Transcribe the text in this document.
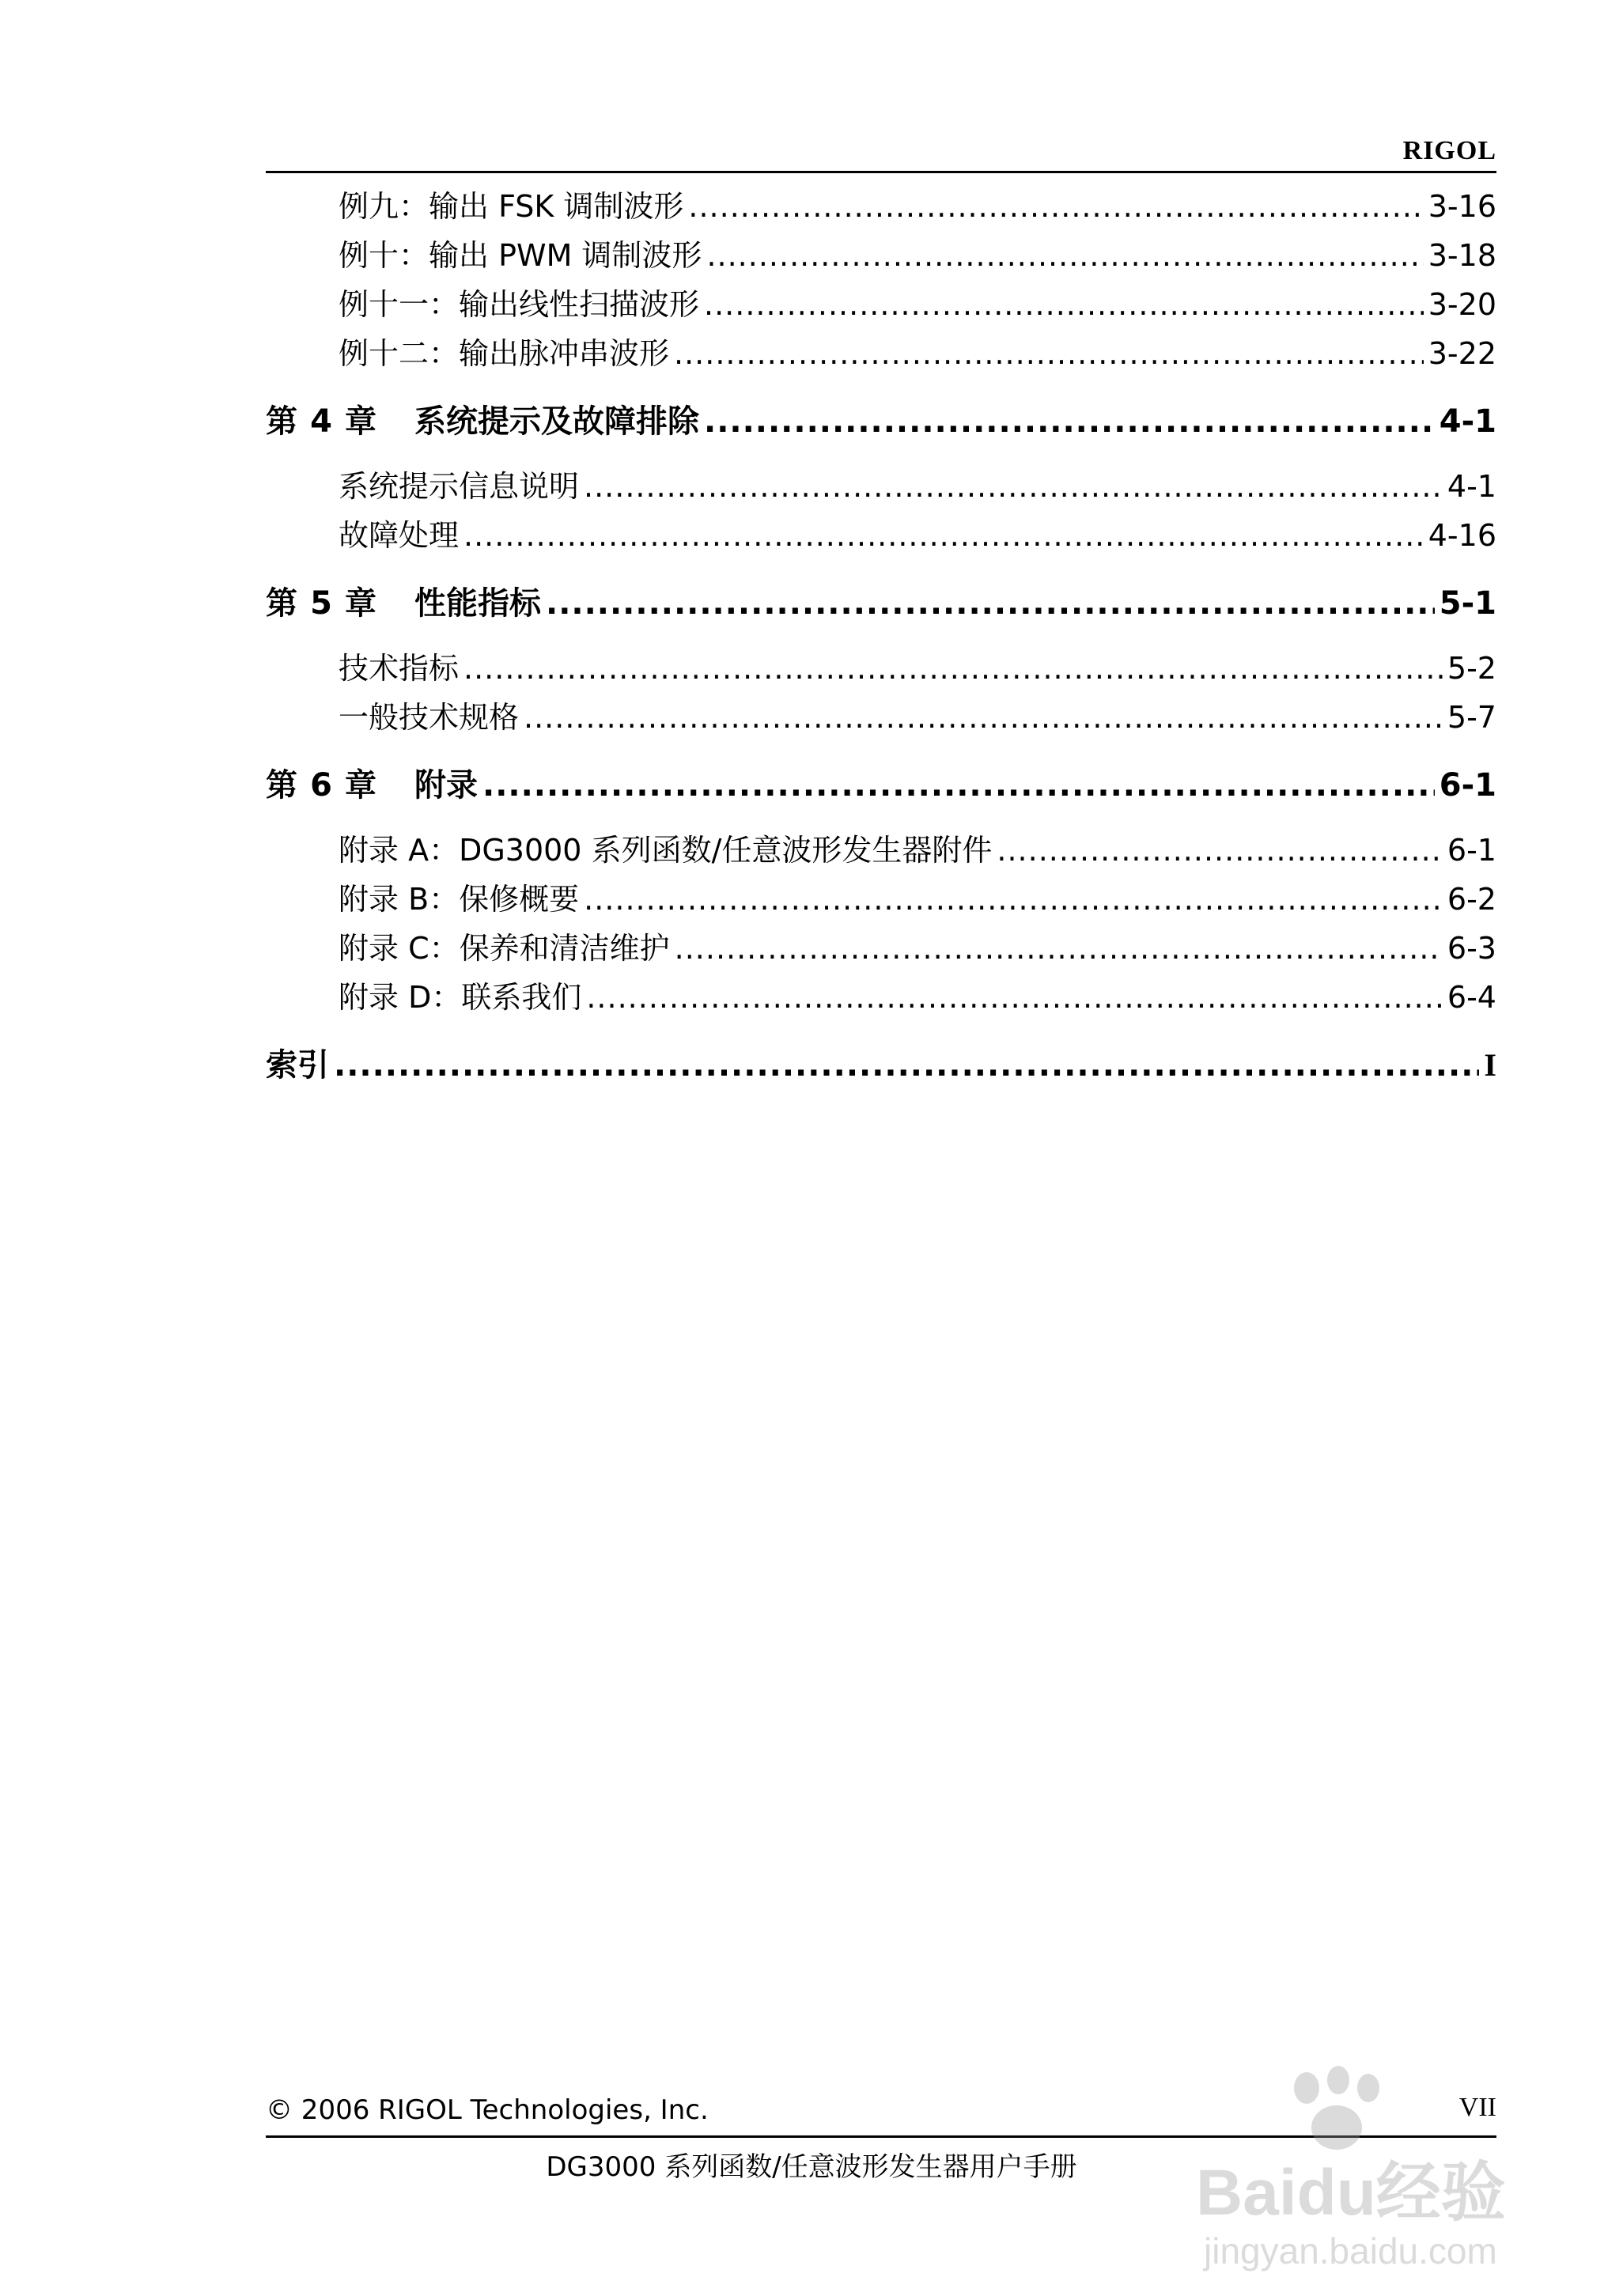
RIGOL
例九：输出 FSK 调制波形 .....	3-16
例十：输出 PWM 调制波形 .....	3-18
例十一：输出线性扫描波形 .....	3-20
例十二：输出脉冲串波形 .....	3-22
第 4 章 系统提示及故障排除 .....	4-1
系统提示信息说明 .....	4-1
故障处理 .....	4-16
第 5 章 性能指标 .....	5-1
技术指标 .....	5-2
一般技术规格 .....	5-7
第 6 章 附录 .....	6-1
附录 A：DG3000 系列函数/任意波形发生器附件 .....	6-1
附录 B：保修概要 .....	6-2
附录 C：保养和清洁维护 .....	6-3
附录 D：联系我们 .....	6-4
索引 .....	I
© 2006 RIGOL Technologies, Inc.	VII
DG3000 系列函数/任意波形发生器用户手册	Baidu经验
jingyan.baidu.com
